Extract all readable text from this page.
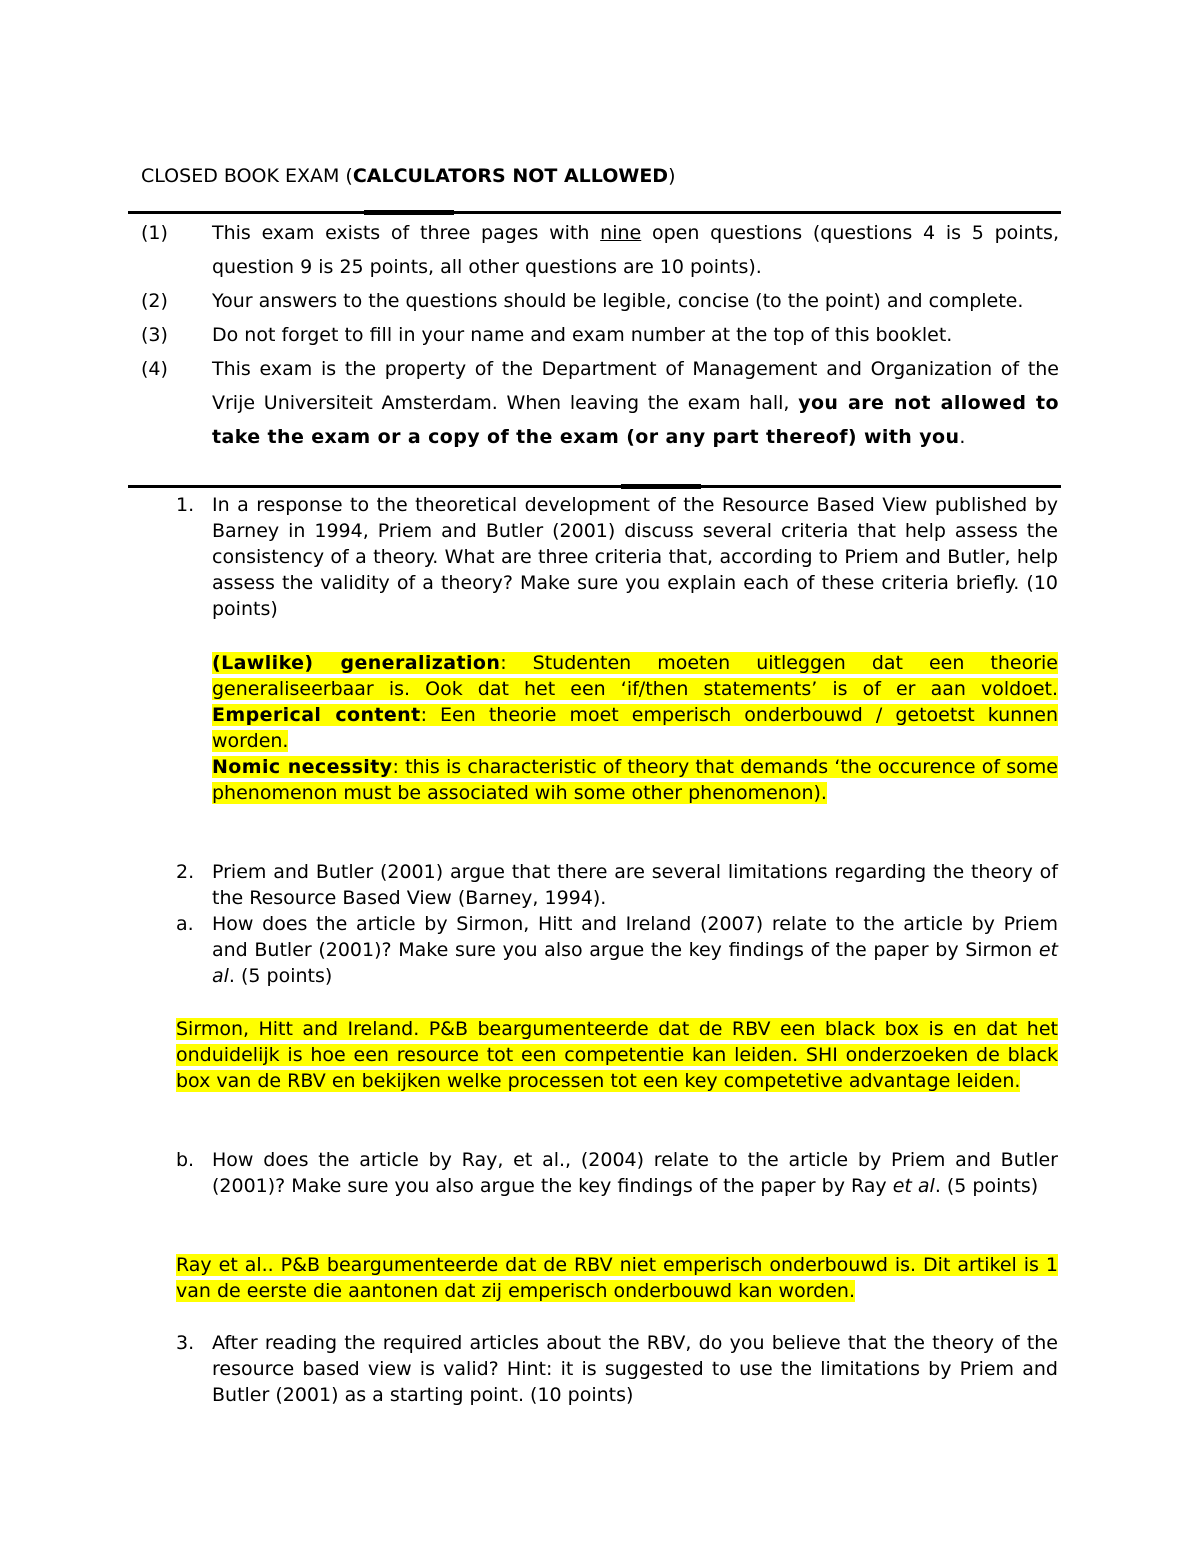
CLOSED BOOK EXAM (CALCULATORS NOT ALLOWED)
(1)	This exam exists of three pages with nine open questions (questions 4 is 5 points, question 9 is 25 points, all other questions are 10 points).
(2)	Your answers to the questions should be legible, concise (to the point) and complete.
(3)	Do not forget to fill in your name and exam number at the top of this booklet.
(4)	This exam is the property of the Department of Management and Organization of the Vrije Universiteit Amsterdam. When leaving the exam hall, you are not allowed to take the exam or a copy of the exam (or any part thereof) with you.
1. In a response to the theoretical development of the Resource Based View published by Barney in 1994, Priem and Butler (2001) discuss several criteria that help assess the consistency of a theory. What are three criteria that, according to Priem and Butler, help assess the validity of a theory? Make sure you explain each of these criteria briefly. (10 points)
(Lawlike) generalization: Studenten moeten uitleggen dat een theorie generaliseerbaar is. Ook dat het een ‘if/then statements’ is of er aan voldoet.
Emperical content: Een theorie moet emperisch onderbouwd / getoetst kunnen worden.
Nomic necessity: this is characteristic of theory that demands ‘the occurence of some phenomenon must be associated wih some other phenomenon).
2. Priem and Butler (2001) argue that there are several limitations regarding the theory of the Resource Based View (Barney, 1994).
a. How does the article by Sirmon, Hitt and Ireland (2007) relate to the article by Priem and Butler (2001)? Make sure you also argue the key findings of the paper by Sirmon et al. (5 points)
Sirmon, Hitt and Ireland. P&B beargumenteerde dat de RBV een black box is en dat het onduidelijk is hoe een resource tot een competentie kan leiden. SHI onderzoeken de black box van de RBV en bekijken welke processen tot een key competetive advantage leiden.
b. How does the article by Ray, et al., (2004) relate to the article by Priem and Butler (2001)? Make sure you also argue the key findings of the paper by Ray et al. (5 points)
Ray et al.. P&B beargumenteerde dat de RBV niet emperisch onderbouwd is. Dit artikel is 1 van de eerste die aantonen dat zij emperisch onderbouwd kan worden.
3. After reading the required articles about the RBV, do you believe that the theory of the resource based view is valid? Hint: it is suggested to use the limitations by Priem and Butler (2001) as a starting point. (10 points)
